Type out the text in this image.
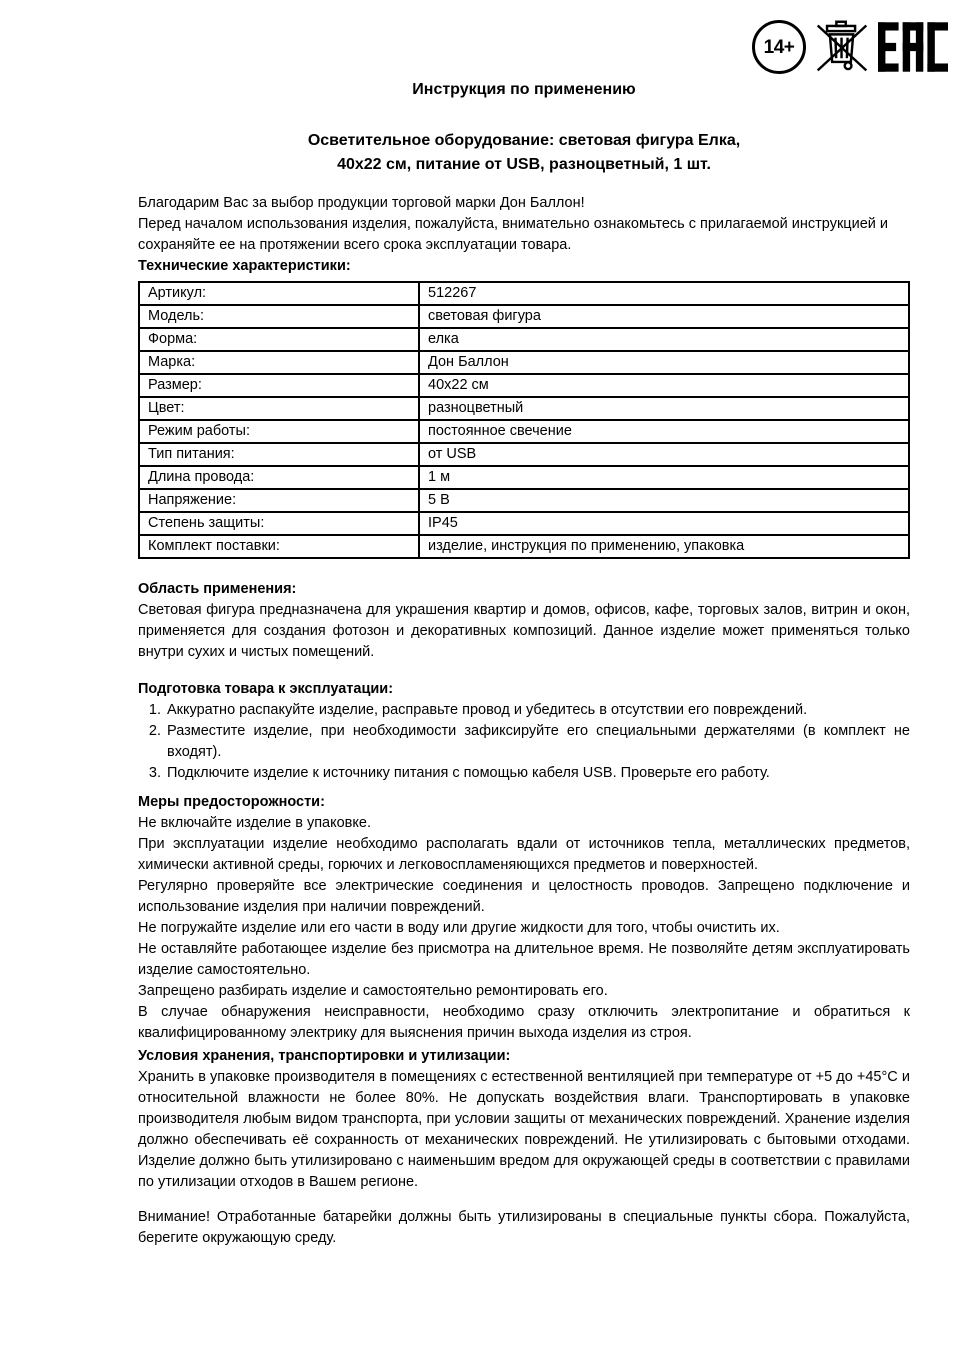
14+
Инструкция по применению
Осветительное оборудование: световая фигура Елка,
40х22 см, питание от USB, разноцветный, 1 шт.

Благодарим Вас за выбор продукции торговой марки Дон Баллон!

Перед началом использования изделия, пожалуйста, внимательно ознакомьтесь с прилагаемой инструкцией и сохраняйте ее на протяжении всего срока эксплуатации товара.

Технические характеристики:
Артикул:	512267
Модель:	световая фигура
Форма:	елка
Марка:	Дон Баллон
Размер:	40х22 см
Цвет:	разноцветный
Режим работы:	постоянное свечение
Тип питания:	от USB
Длина провода:	1 м
Напряжение:	5 В
Степень защиты:	IP45
Комплект поставки:	изделие, инструкция по применению, упаковка
Область применения:

Световая фигура предназначена для украшения квартир и домов, офисов, кафе, торговых залов, витрин и окон, применяется для создания фотозон и декоративных композиций. Данное изделие может применяться только внутри сухих и чистых помещений.

Подготовка товара к эксплуатации:
1. Аккуратно распакуйте изделие, расправьте провод и убедитесь в отсутствии его повреждений.
2. Разместите изделие, при необходимости зафиксируйте его специальными держателями (в комплект не входят).
3. Подключите изделие к источнику питания с помощью кабеля USB. Проверьте его работу.
Меры предосторожности:

Не включайте изделие в упаковке.

При эксплуатации изделие необходимо располагать вдали от источников тепла, металлических предметов, химически активной среды, горючих и легковоспламеняющихся предметов и поверхностей.

Регулярно проверяйте все электрические соединения и целостность проводов. Запрещено подключение и использование изделия при наличии повреждений.

Не погружайте изделие или его части в воду или другие жидкости для того, чтобы очистить их.

Не оставляйте работающее изделие без присмотра на длительное время. Не позволяйте детям эксплуатировать изделие самостоятельно.

Запрещено разбирать изделие и самостоятельно ремонтировать его.

В случае обнаружения неисправности, необходимо сразу отключить электропитание и обратиться к квалифицированному электрику для выяснения причин выхода изделия из строя.

Условия хранения, транспортировки и утилизации:

Хранить в упаковке производителя в помещениях с естественной вентиляцией при температуре от +5 до +45°С и относительной влажности не более 80%. Не допускать воздействия влаги. Транспортировать в упаковке производителя любым видом транспорта, при условии защиты от механических повреждений. Хранение изделия должно обеспечивать её сохранность от механических повреждений. Не утилизировать с бытовыми отходами. Изделие должно быть утилизировано с наименьшим вредом для окружающей среды в соответствии с правилами по утилизации отходов в Вашем регионе.

Внимание! Отработанные батарейки должны быть утилизированы в специальные пункты сбора. Пожалуйста, берегите окружающую среду.
